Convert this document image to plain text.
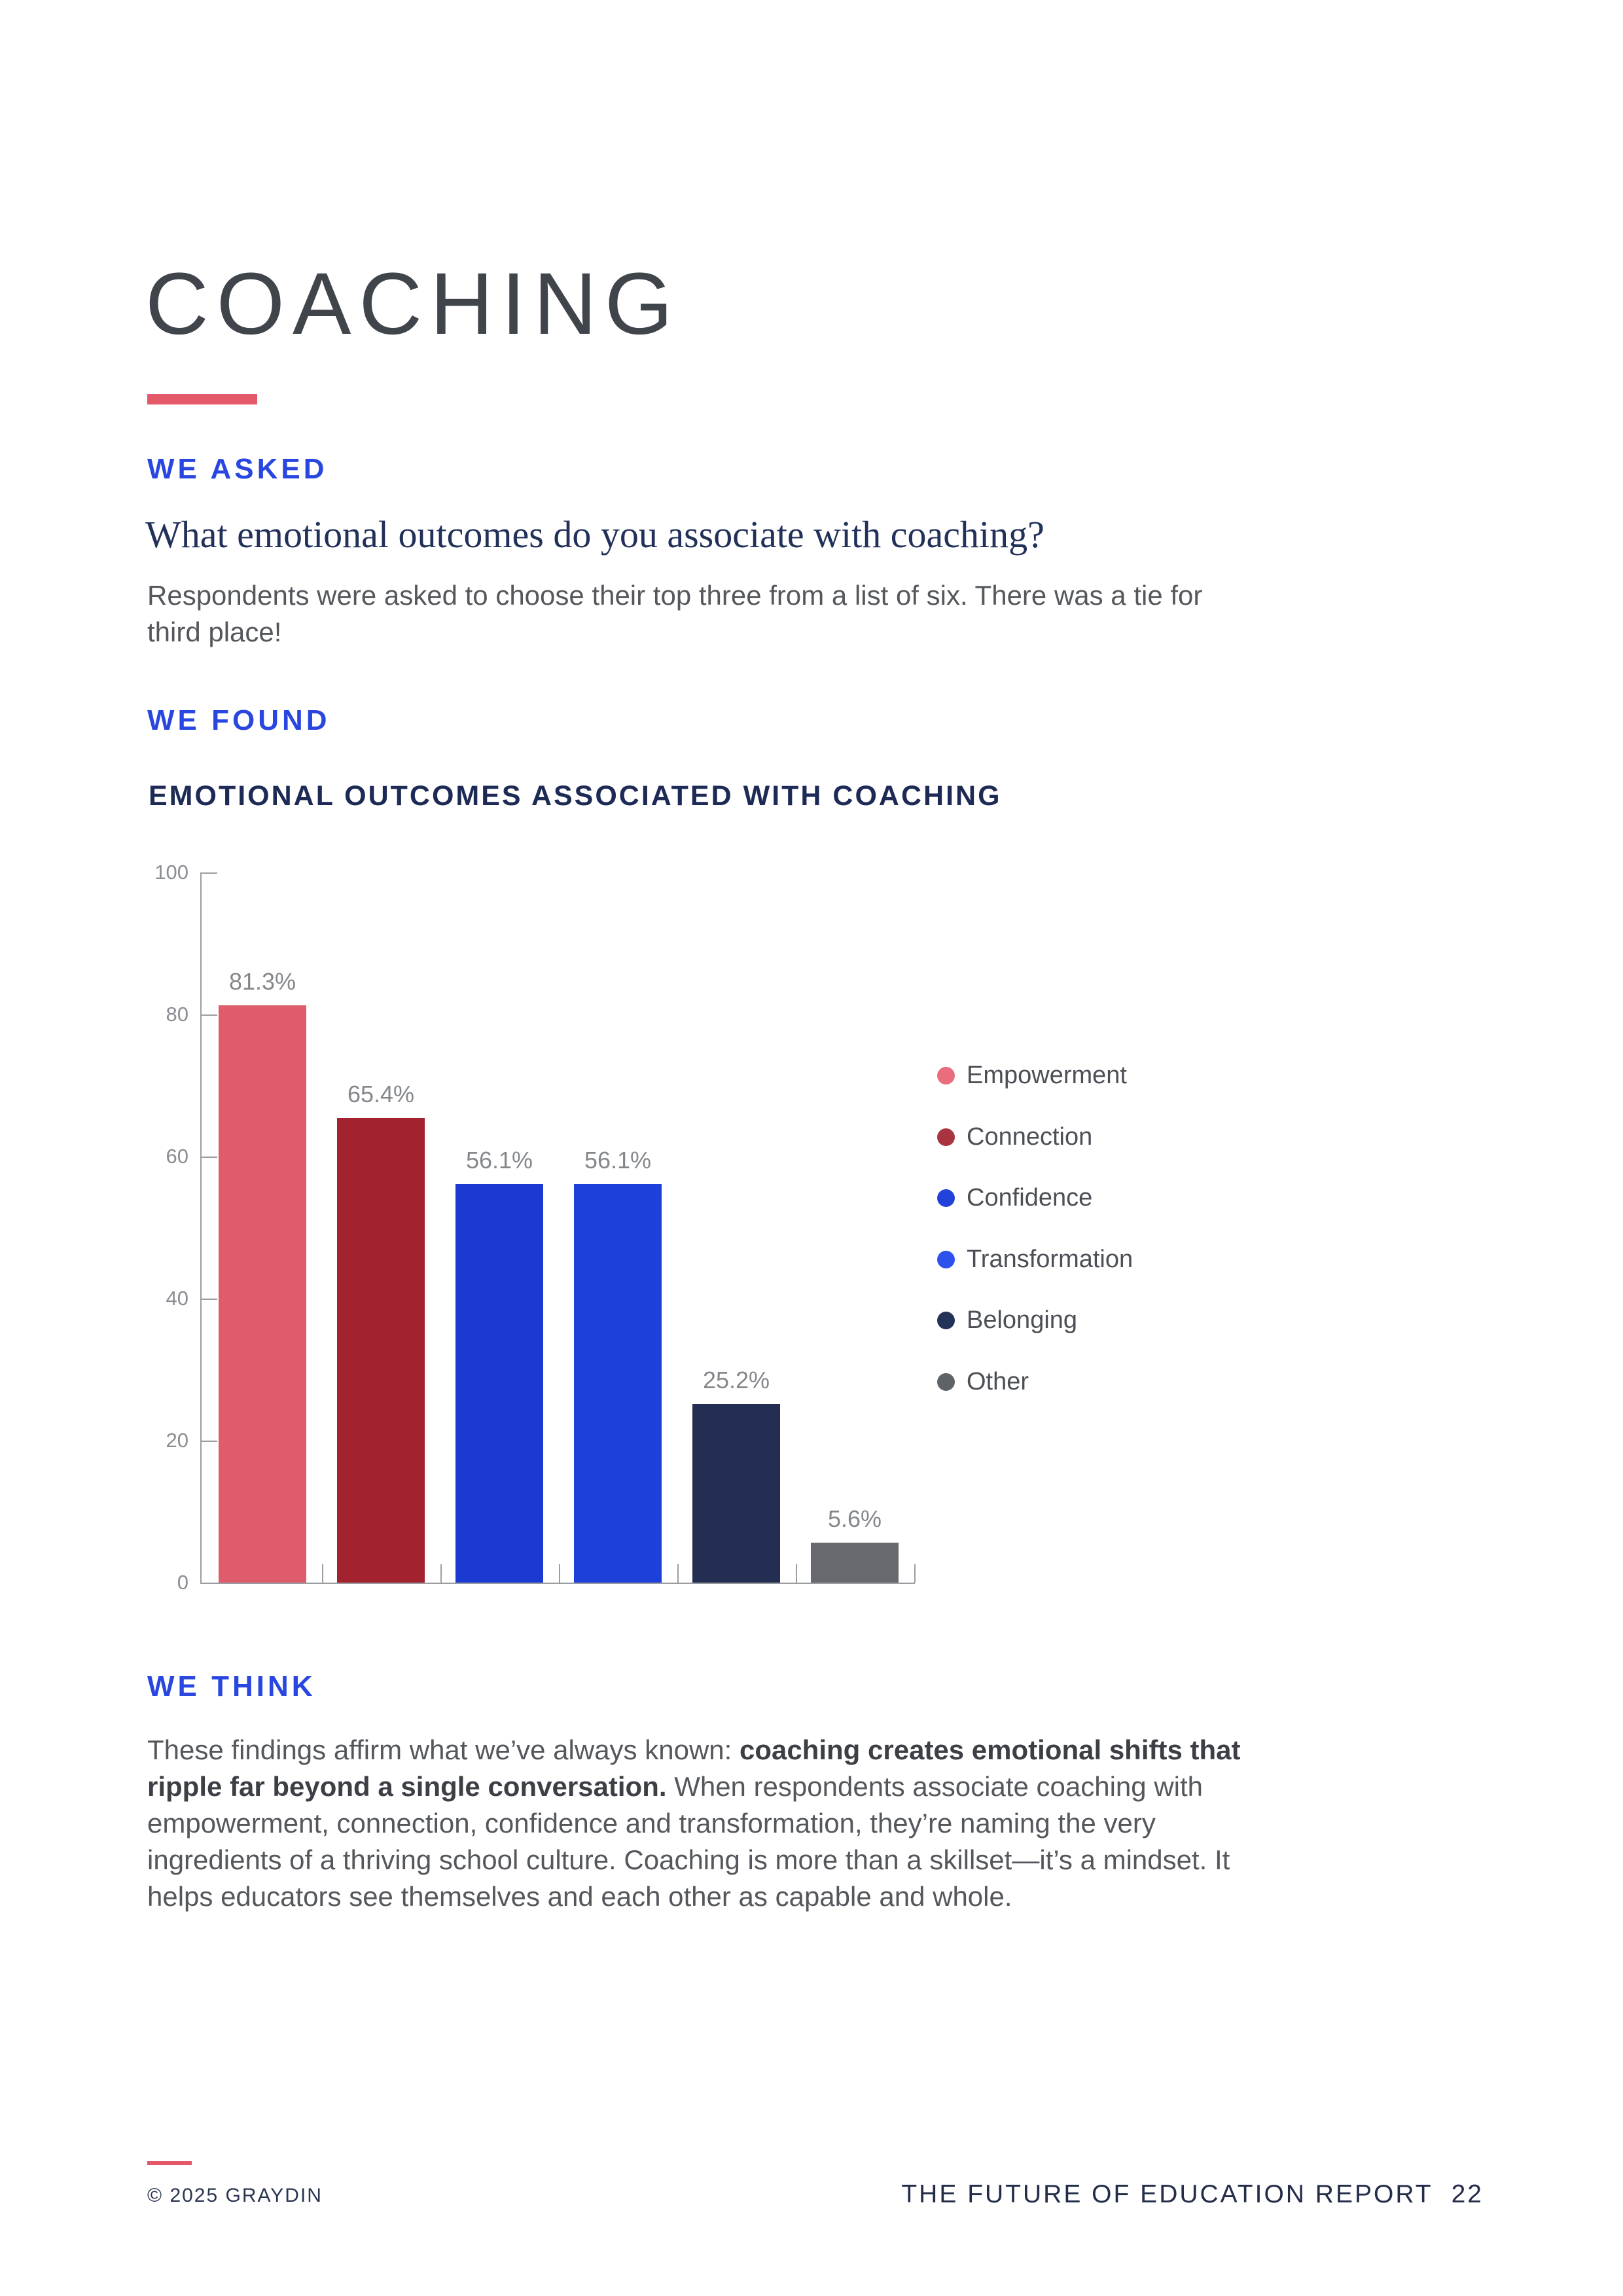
COACHING
WE ASKED
What emotional outcomes do you associate with coaching?
Respondents were asked to choose their top three from a list of six. There was a tie for third place!
WE FOUND
EMOTIONAL OUTCOMES ASSOCIATED WITH COACHING
0
20
40
60
80
100
81.3%
65.4%
56.1%	56.1%
25.2%
5.6%
Empowerment
Connection
Confidence
Transformation
Belonging
Other
WE THINK

These findings affirm what we’ve always known: coaching creates emotional shifts that ripple far beyond a single conversation. When respondents associate coaching with empowerment, connection, confidence and transformation, they’re naming the very ingredients of a thriving school culture. Coaching is more than a skillset—it’s a mindset. It helps educators see themselves and each other as capable and whole.

© 2025 GRAYDIN	THE FUTURE OF EDUCATION REPORT 22
